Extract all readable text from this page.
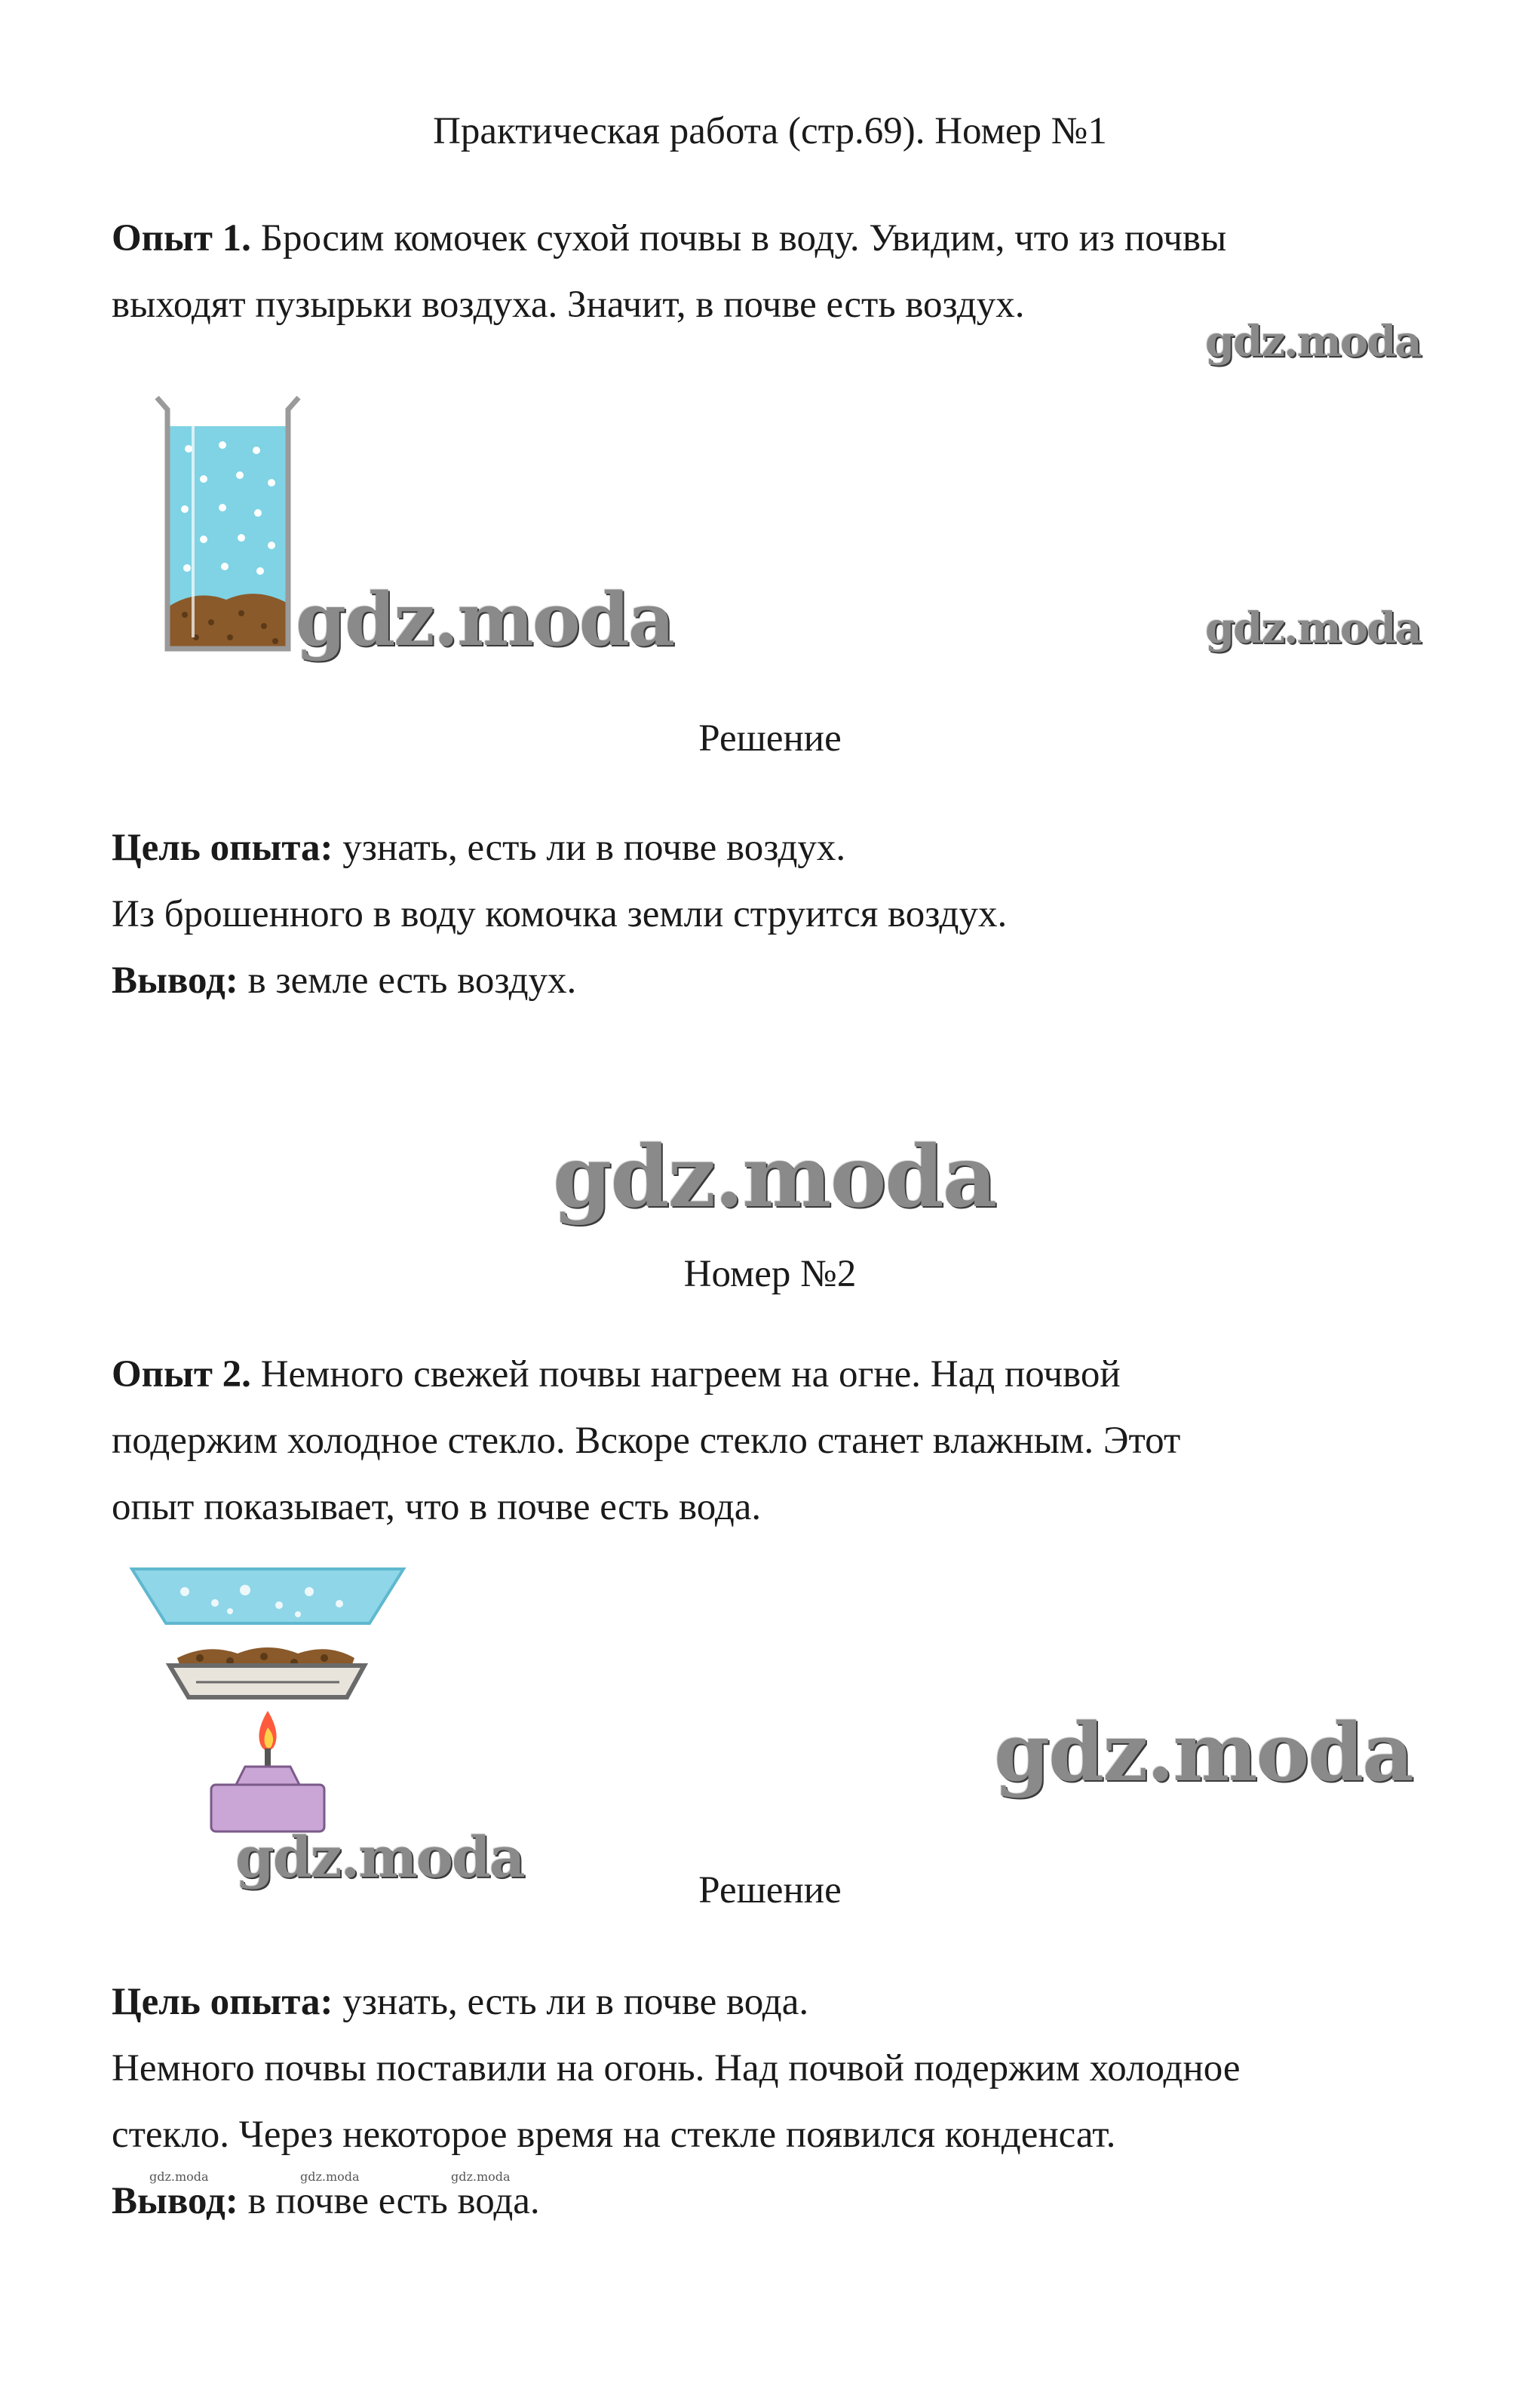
Практическая работа (стр.69). Номер №1
Опыт 1. Бросим комочек сухой почвы в воду. Увидим, что из почвы
выходят пузырьки воздуха. Значит, в почве есть воздух.
gdz.moda
gdz.moda	gdz.moda
Решение
Цель опыта: узнать, есть ли в почве воздух.
Из брошенного в воду комочка земли струится воздух.
Вывод: в земле есть воздух.
gdz.moda
Номер №2
Опыт 2. Немного свежей почвы нагреем на огне. Над почвой
подержим холодное стекло. Вскоре стекло станет влажным. Этот
опыт показывает, что в почве есть вода.
gdz.moda
gdz.moda	Решение
Цель опыта: узнать, есть ли в почве вода.
Немного почвы поставили на огонь. Над почвой подержим холодное
стекло. Через некоторое время на стекле появился конденсат.
gdz.moda	gdz.moda	gdz.moda
Вывод: в почве есть вода.
